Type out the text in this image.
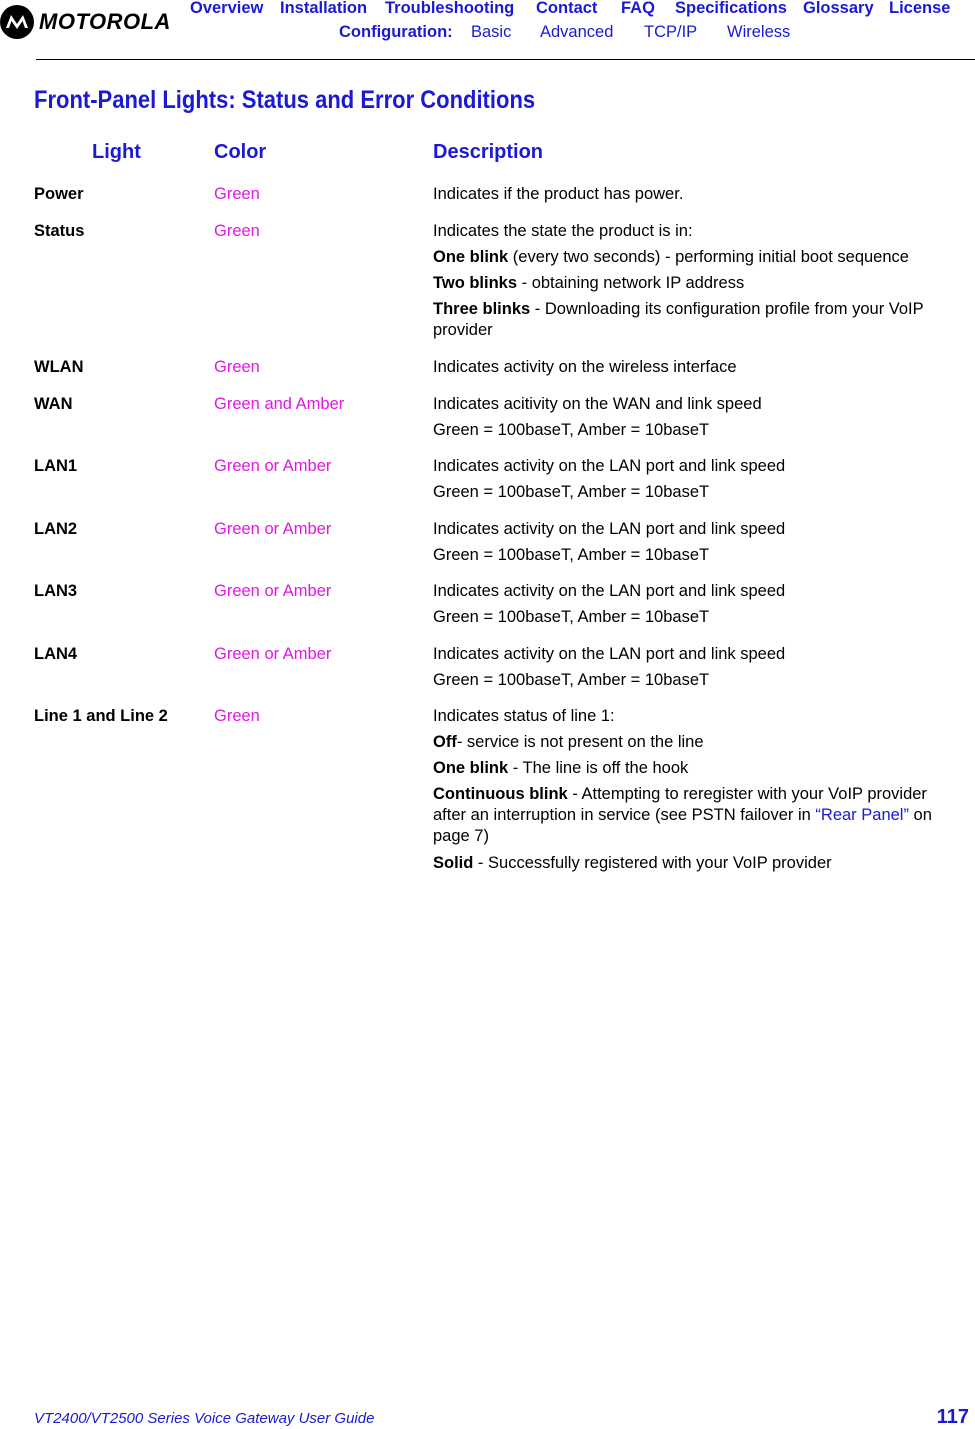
MOTOROLA
Overview Installation Troubleshooting Contact FAQ Specifications Glossary License
Configuration: Basic Advanced TCP/IP Wireless
Front-Panel Lights: Status and Error Conditions
Light	Color	Description
Power	Green	Indicates if the product has power.
Status	Green	Indicates the state the product is in:
One blink (every two seconds) - performing initial boot sequence
Two blinks - obtaining network IP address
Three blinks - Downloading its configuration profile from your VoIP provider
WLAN	Green	Indicates activity on the wireless interface
WAN	Green and Amber	Indicates acitivity on the WAN and link speed
Green = 100baseT, Amber = 10baseT
LAN1	Green or Amber	Indicates activity on the LAN port and link speed
Green = 100baseT, Amber = 10baseT
LAN2	Green or Amber	Indicates activity on the LAN port and link speed
Green = 100baseT, Amber = 10baseT
LAN3	Green or Amber	Indicates activity on the LAN port and link speed
Green = 100baseT, Amber = 10baseT
LAN4	Green or Amber	Indicates activity on the LAN port and link speed
Green = 100baseT, Amber = 10baseT
Line 1 and Line 2	Green	Indicates status of line 1:
Off- service is not present on the line
One blink - The line is off the hook
Continuous blink - Attempting to reregister with your VoIP provider after an interruption in service (see PSTN failover in “Rear Panel” on page 7)
Solid - Successfully registered with your VoIP provider
VT2400/VT2500 Series Voice Gateway User Guide	117
